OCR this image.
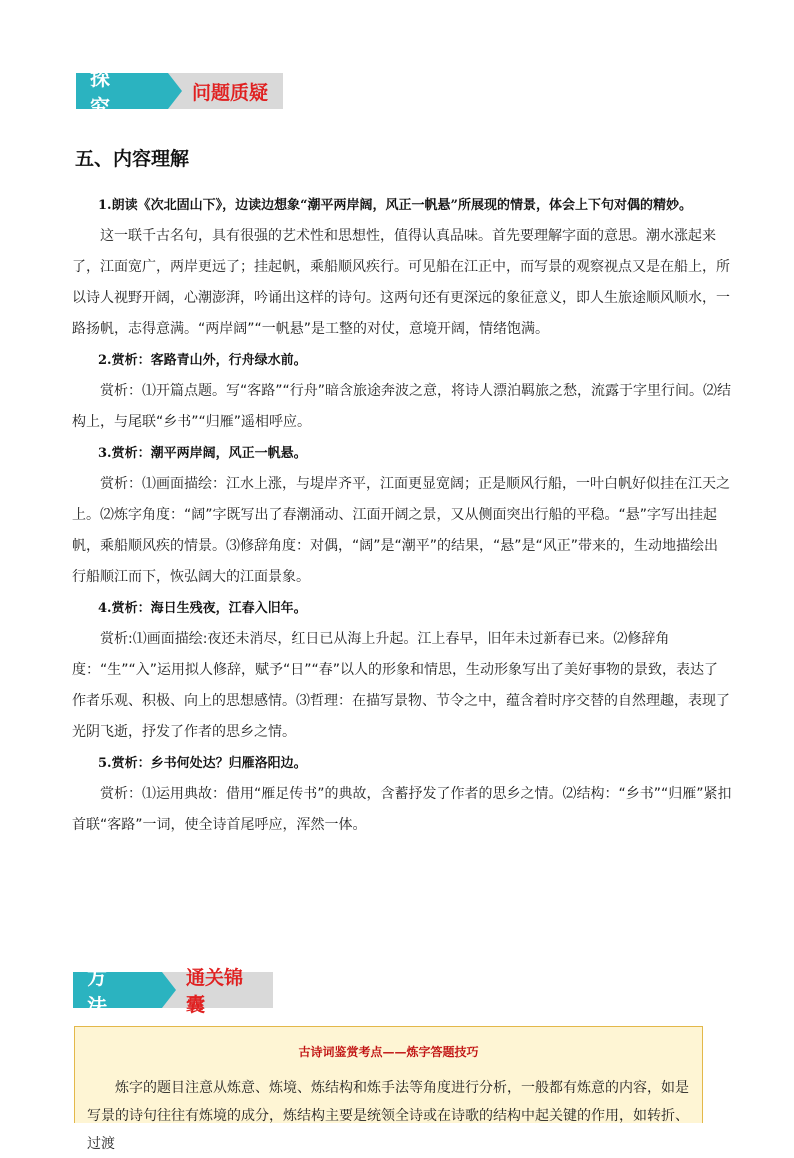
探 究
问题质疑
五、内容理解

1.朗读《次北固山下》，边读边想象“潮平两岸阔，风正一帆悬”所展现的情景，体会上下句对偶的精妙。

这一联千古名句，具有很强的艺术性和思想性，值得认真品味。首先要理解字面的意思。潮水涨起来了，江面宽广，两岸更远了；挂起帆，乘船顺风疾行。可见船在江正中，而写景的观察视点又是在船上，所以诗人视野开阔，心潮澎湃，吟诵出这样的诗句。这两句还有更深远的象征意义，即人生旅途顺风顺水，一路扬帆，志得意满。“两岸阔”“一帆悬”是工整的对仗，意境开阔，情绪饱满。

2.赏析：客路青山外，行舟绿水前。

赏析：⑴开篇点题。写“客路”“行舟”暗含旅途奔波之意，将诗人漂泊羁旅之愁，流露于字里行间。⑵结构上，与尾联“乡书”“归雁”遥相呼应。

3.赏析：潮平两岸阔，风正一帆悬。

赏析：⑴画面描绘：江水上涨，与堤岸齐平，江面更显宽阔；正是顺风行船，一叶白帆好似挂在江天之上。⑵炼字角度：“阔”字既写出了春潮涌动、江面开阔之景，又从侧面突出行船的平稳。“悬”字写出挂起帆，乘船顺风疾的情景。⑶修辞角度：对偶，“阔”是“潮平”的结果，“悬”是“风正”带来的，生动地描绘出行船顺江而下，恢弘阔大的江面景象。

4.赏析：海日生残夜，江春入旧年。

赏析:⑴画面描绘:夜还未消尽，红日已从海上升起。江上春早，旧年未过新春已来。⑵修辞角度：“生”“入”运用拟人修辞，赋予“日”“春”以人的形象和情思，生动形象写出了美好事物的景致，表达了作者乐观、积极、向上的思想感情。⑶哲理：在描写景物、节令之中，蕴含着时序交替的自然理趣，表现了光阴飞逝，抒发了作者的思乡之情。

5.赏析：乡书何处达？归雁洛阳边。

赏析：⑴运用典故：借用“雁足传书”的典故，含蓄抒发了作者的思乡之情。⑵结构：“乡书”“归雁”紧扣首联“客路”一词，使全诗首尾呼应，浑然一体。

方 法
通关锦囊
古诗词鉴赏考点——炼字答题技巧
炼字的题目注意从炼意、炼境、炼结构和炼手法等角度进行分析，一般都有炼意的内容，如是写景的诗句往往有炼境的成分，炼结构主要是统领全诗或在诗歌的结构中起关键的作用，如转折、过渡
